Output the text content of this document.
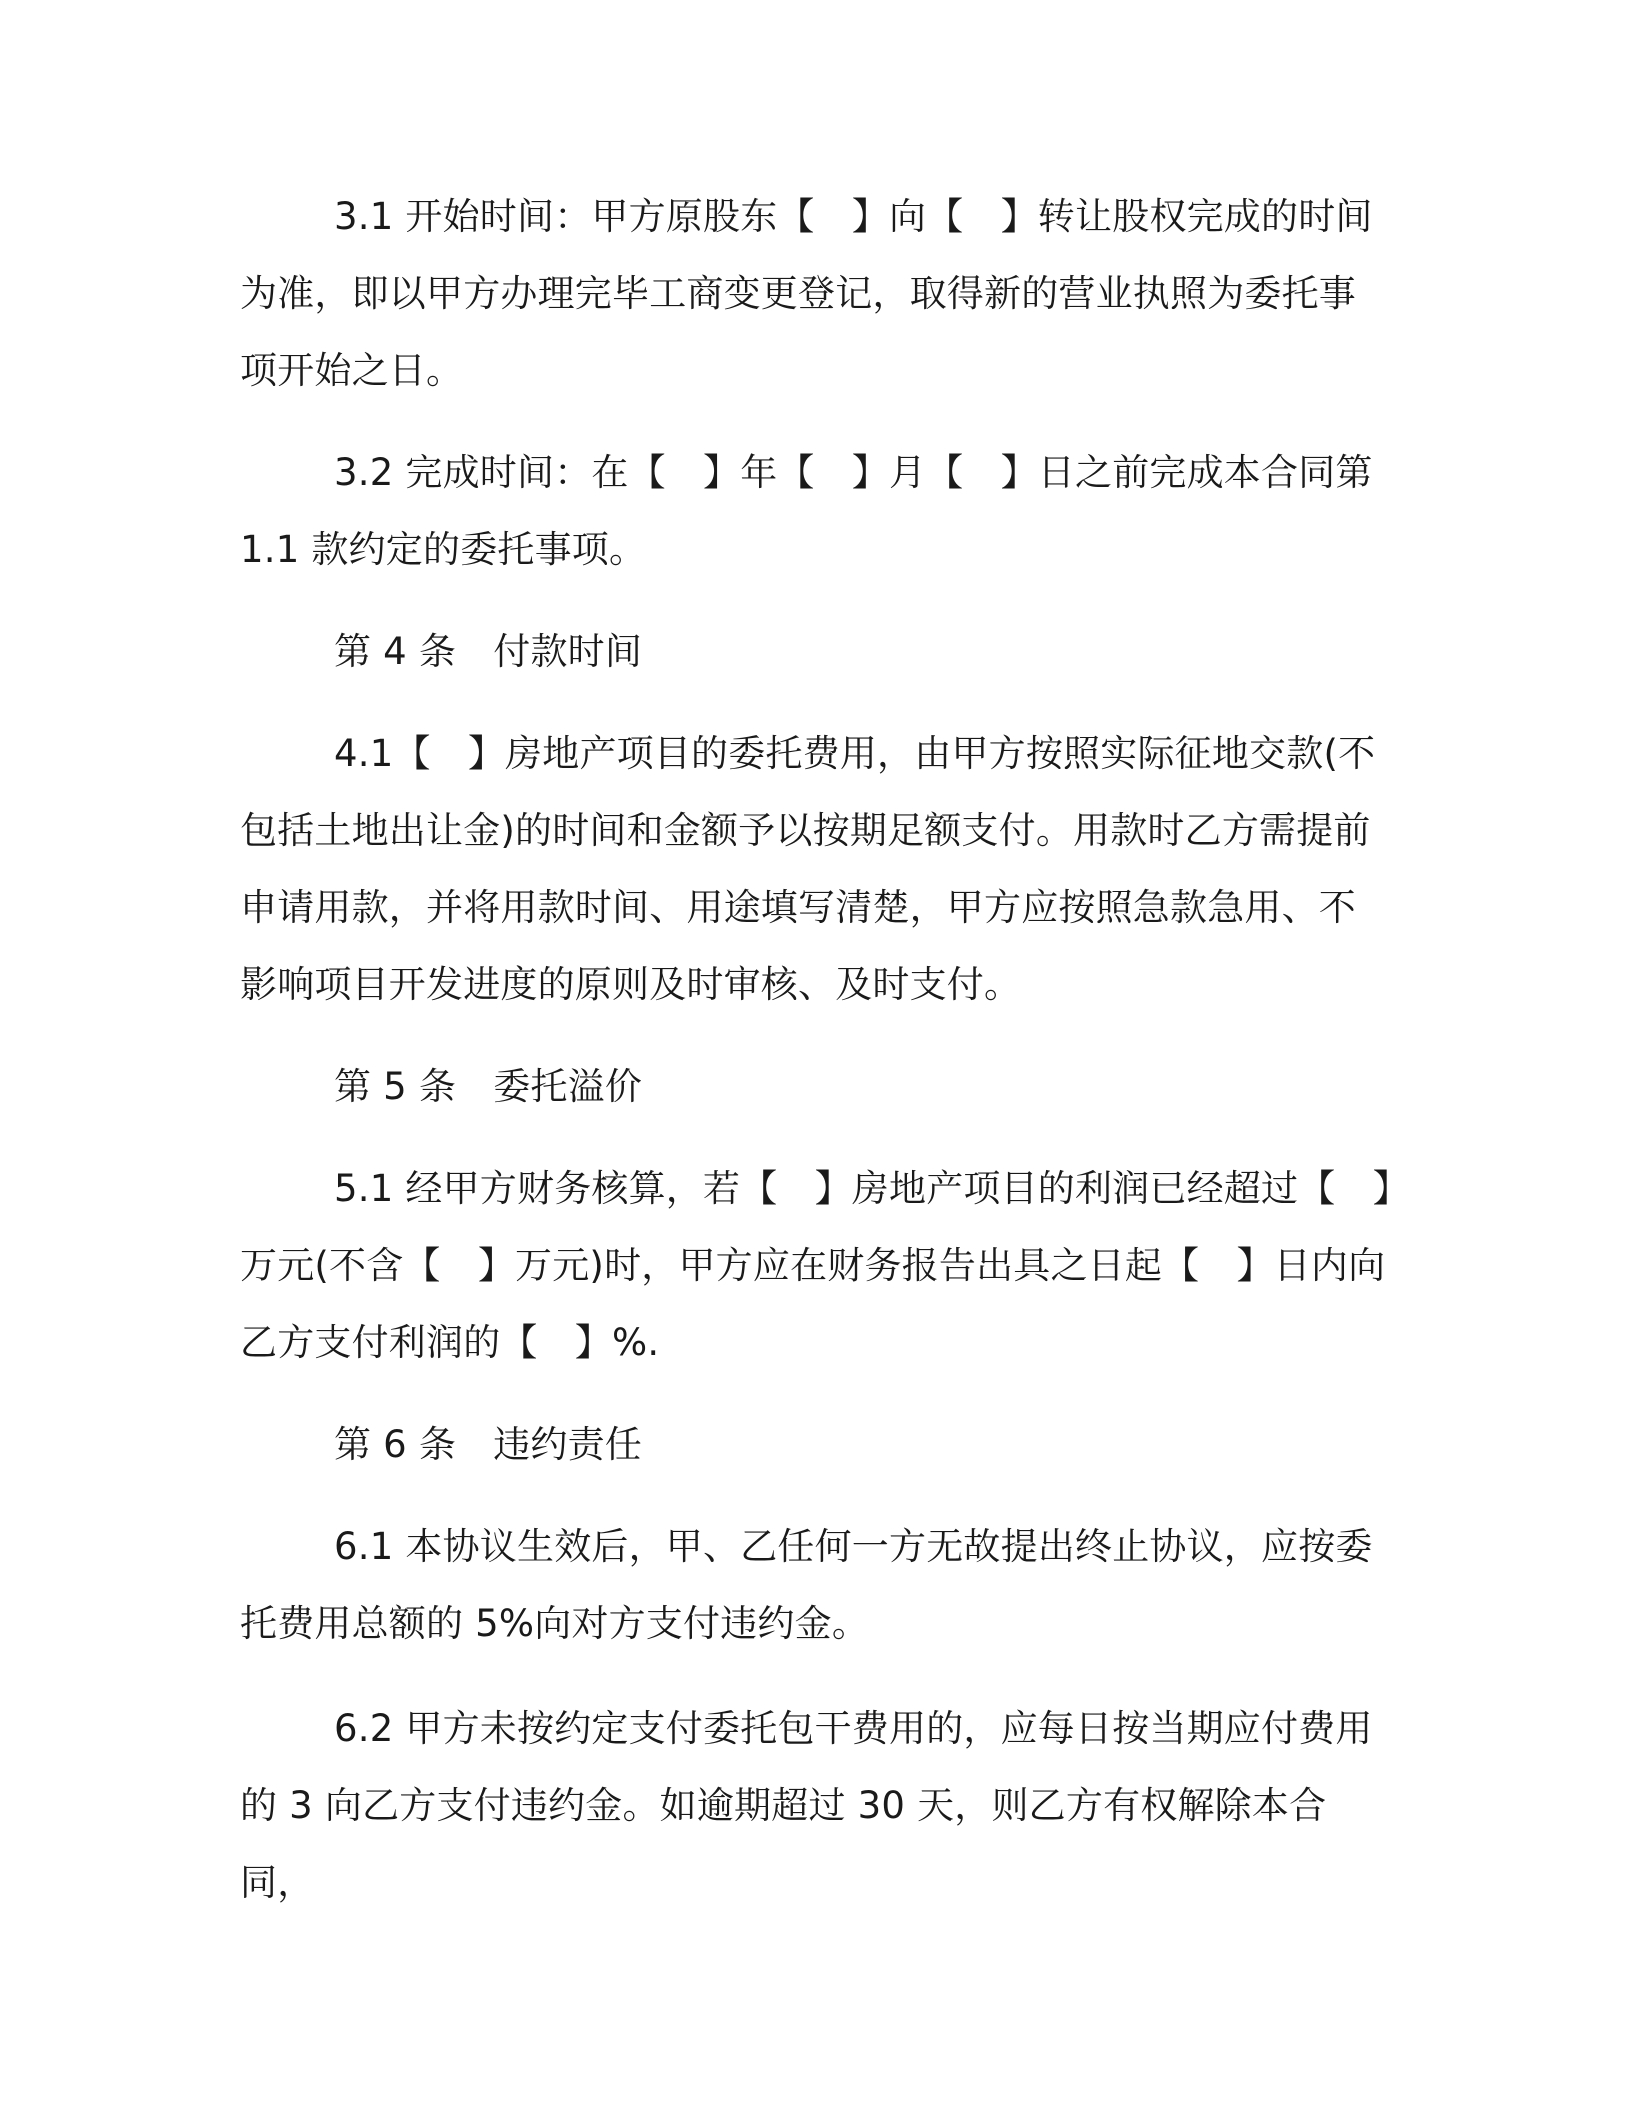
3.1 开始时间：甲方原股东【　】向【　】转让股权完成的时间为准，即以甲方办理完毕工商变更登记，取得新的营业执照为委托事项开始之日。

3.2 完成时间：在【　】年【　】月【　】日之前完成本合同第 1.1 款约定的委托事项。

第 4 条　付款时间

4.1【　】房地产项目的委托费用，由甲方按照实际征地交款(不包括土地出让金)的时间和金额予以按期足额支付。用款时乙方需提前申请用款，并将用款时间、用途填写清楚，甲方应按照急款急用、不影响项目开发进度的原则及时审核、及时支付。

第 5 条　委托溢价

5.1 经甲方财务核算，若【　】房地产项目的利润已经超过【　】万元(不含【　】万元)时，甲方应在财务报告出具之日起【　】日内向乙方支付利润的【　】%.

第 6 条　违约责任

6.1 本协议生效后，甲、乙任何一方无故提出终止协议，应按委托费用总额的 5%向对方支付违约金。

6.2 甲方未按约定支付委托包干费用的，应每日按当期应付费用的 3 向乙方支付违约金。如逾期超过 30 天，则乙方有权解除本合同，
